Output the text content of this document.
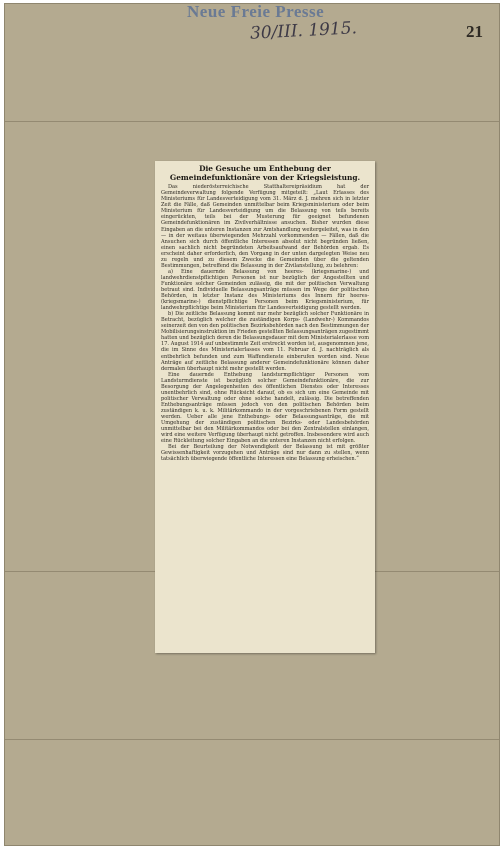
Neue Freie Presse
30/III. 1915.	21
Die Gesuche um Enthebung der Gemeindefunktionäre von der Kriegsleistung.

Das niederösterreichische Statthaltereipräsidium hat der Gemeindeverwaltung folgende Verfügung mitgeteilt: „Laut Erlasses des Ministeriums für Landesverteidigung vom 31. März d. J. mehren sich in letzter Zeit die Fälle, daß Gemeinden unmittelbar beim Kriegsministerium oder beim Ministerium für Landesverteidigung um die Belassung von teils bereits eingerückten, teils bei der Musterung für geeignet befundenen Gemeindefunktionären im Zivilverhältnisse ansuchen. Bisher wurden diese Eingaben an die unteren Instanzen zur Amtshandlung weitergeleitet, was in den — in der weitaus überwiegenden Mehrzahl vorkommenden — Fällen, daß die Ansuchen sich durch öffentliche Interessen absolut nicht begründen ließen, einen sachlich nicht begründeten Arbeitsaufwand der Behörden ergab. Es erscheint daher erforderlich, den Vorgang in der unten dargelegten Weise neu zu regeln und zu diesem Zwecke die Gemeinden über die geltenden Bestimmungen, betreffend die Belassung in der Zivilanstellung, zu belehren:

a) Eine dauernde Belassung von heeres- (kriegsmarine-) und landwehrdienstpflichtigen Personen ist nur bezüglich der Angestellten und Funktionäre solcher Gemeinden zulässig, die mit der politischen Verwaltung betraut sind. Individuelle Belassungsanträge müssen im Wege der politischen Behörden, in letzter Instanz des Ministeriums des Innern für heeres- (kriegsmarine-) dienstpflichtige Personen beim Kriegsministerium, für landwehrpflichtige beim Ministerium für Landesverteidigung gestellt werden.

b) Die zeitliche Belassung kommt nur mehr bezüglich solcher Funktionäre in Betracht, bezüglich welcher die zuständigen Korps- (Landwehr-) Kommandos seinerzeit den von den politischen Bezirksbehörden nach den Bestimmungen der Mobilisierungsinstruktion im Frieden gestellten Belassungsanträgen zugestimmt hatten und bezüglich deren die Belassungsdauer mit dem Ministerialerlasse vom 17. August 1914 auf unbestimmte Zeit erstreckt worden ist, ausgenommen jene, die im Sinne des Ministerialerlasses vom 11. Februar d. J. nachträglich als entbehrlich befunden und zum Waffendienste einberufen worden sind. Neue Anträge auf zeitliche Belassung anderer Gemeindefunktionäre können daher dermalen überhaupt nicht mehr gestellt werden.

Eine dauernde Enthebung landsturmpflichtiger Personen vom Landsturmdienste ist bezüglich solcher Gemeindefunktionäre, die zur Besorgung der Angelegenheiten des öffentlichen Dienstes oder Interesses unentbehrlich sind, ohne Rücksicht darauf, ob es sich um eine Gemeinde mit politischer Verwaltung oder ohne solche handelt, zulässig. Die betreffenden Enthebungsanträge müssen jedoch von den politischen Behörden beim zuständigen k. u. k. Militärkommando in der vorgeschriebenen Form gestellt werden. Ueber alle jene Enthebungs- oder Belassungsanträge, die mit Umgehung der zuständigen politischen Bezirks- oder Landesbehörden unmittelbar bei den Militärkommandos oder bei den Zentralstellen einlangen, wird eine weitere Verfügung überhaupt nicht getroffen. Insbesondere wird auch eine Rückleitung solcher Eingaben an die unteren Instanzen nicht erfolgen.

Bei der Beurteilung der Notwendigkeit der Belassung ist mit größter Gewissenhaftigkeit vorzugehen und Anträge sind nur dann zu stellen, wenn tatsächlich überwiegende öffentliche Interessen eine Belassung erheischen.“
